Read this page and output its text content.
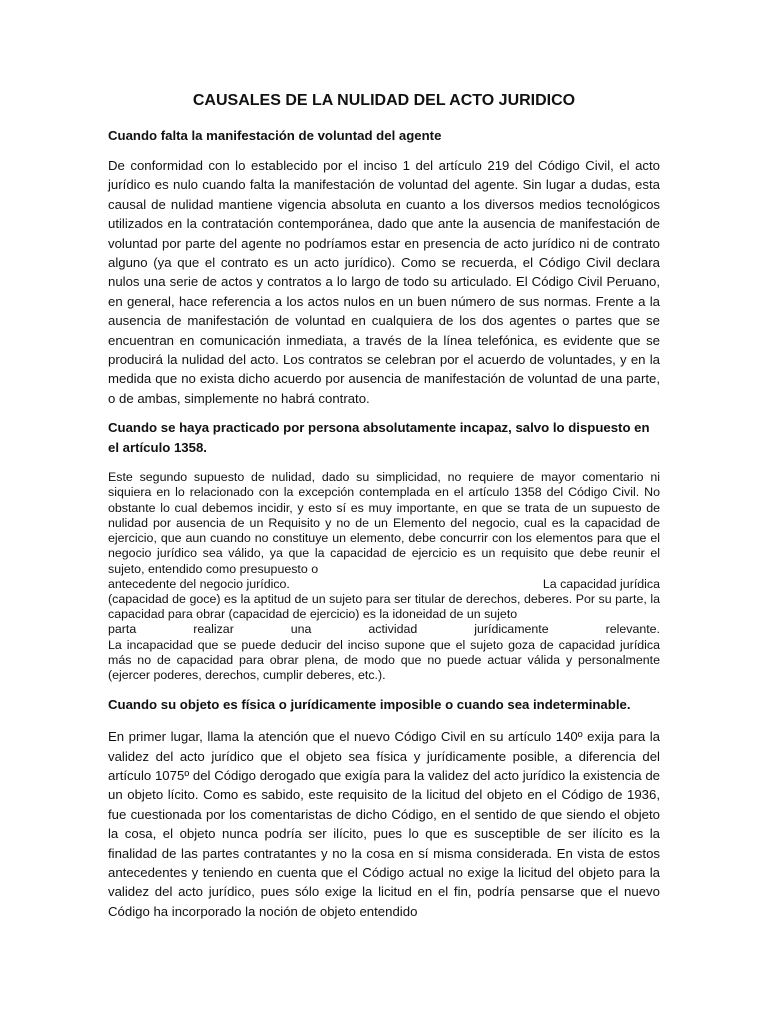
CAUSALES DE LA NULIDAD DEL ACTO JURIDICO
Cuando falta la manifestación de voluntad del agente

De conformidad con lo establecido por el inciso 1 del artículo 219 del Código Civil, el acto jurídico es nulo cuando falta la manifestación de voluntad del agente. Sin lugar a dudas, esta causal de nulidad mantiene vigencia absoluta en cuanto a los diversos medios tecnológicos utilizados en la contratación contemporánea, dado que ante la ausencia de manifestación de voluntad por parte del agente no podríamos estar en presencia de acto jurídico ni de contrato alguno (ya que el contrato es un acto jurídico). Como se recuerda, el Código Civil declara nulos una serie de actos y contratos a lo largo de todo su articulado. El Código Civil Peruano, en general, hace referencia a los actos nulos en un buen número de sus normas. Frente a la ausencia de manifestación de voluntad en cualquiera de los dos agentes o partes que se encuentran en comunicación inmediata, a través de la línea telefónica, es evidente que se producirá la nulidad del acto. Los contratos se celebran por el acuerdo de voluntades, y en la medida que no exista dicho acuerdo por ausencia de manifestación de voluntad de una parte, o de ambas, simplemente no habrá contrato.

Cuando se haya practicado por persona absolutamente incapaz, salvo lo dispuesto en el artículo 1358.
Este segundo supuesto de nulidad, dado su simplicidad, no requiere de mayor comentario ni siquiera en lo relacionado con la excepción contemplada en el artículo 1358 del Código Civil. No obstante lo cual debemos incidir, y esto sí es muy importante, en que se trata de un supuesto de nulidad por ausencia de un Requisito y no de un Elemento del negocio, cual es la capacidad de ejercicio, que aun cuando no constituye un elemento, debe concurrir con los elementos para que el negocio jurídico sea válido, ya que la capacidad de ejercicio es un requisito que debe reunir el sujeto, entendido como presupuesto o
antecedente del negocio jurídico.	La capacidad jurídica
(capacidad de goce) es la aptitud de un sujeto para ser titular de derechos, deberes. Por su parte, la capacidad para obrar (capacidad de ejercicio) es la idoneidad de un sujeto
parta realizar una actividad jurídicamente relevante.
La incapacidad que se puede deducir del inciso supone que el sujeto goza de capacidad jurídica más no de capacidad para obrar plena, de modo que no puede actuar válida y personalmente (ejercer poderes, derechos, cumplir deberes, etc.).
Cuando su objeto es física o jurídicamente imposible o cuando sea indeterminable.

En primer lugar, llama la atención que el nuevo Código Civil en su artículo 140º exija para la validez del acto jurídico que el objeto sea física y jurídicamente posible, a diferencia del artículo 1075º del Código derogado que exigía para la validez del acto jurídico la existencia de un objeto lícito. Como es sabido, este requisito de la licitud del objeto en el Código de 1936, fue cuestionada por los comentaristas de dicho Código, en el sentido de que siendo el objeto la cosa, el objeto nunca podría ser ilícito, pues lo que es susceptible de ser ilícito es la finalidad de las partes contratantes y no la cosa en sí misma considerada. En vista de estos antecedentes y teniendo en cuenta que el Código actual no exige la licitud del objeto para la validez del acto jurídico, pues sólo exige la licitud en el fin, podría pensarse que el nuevo Código ha incorporado la noción de objeto entendido
